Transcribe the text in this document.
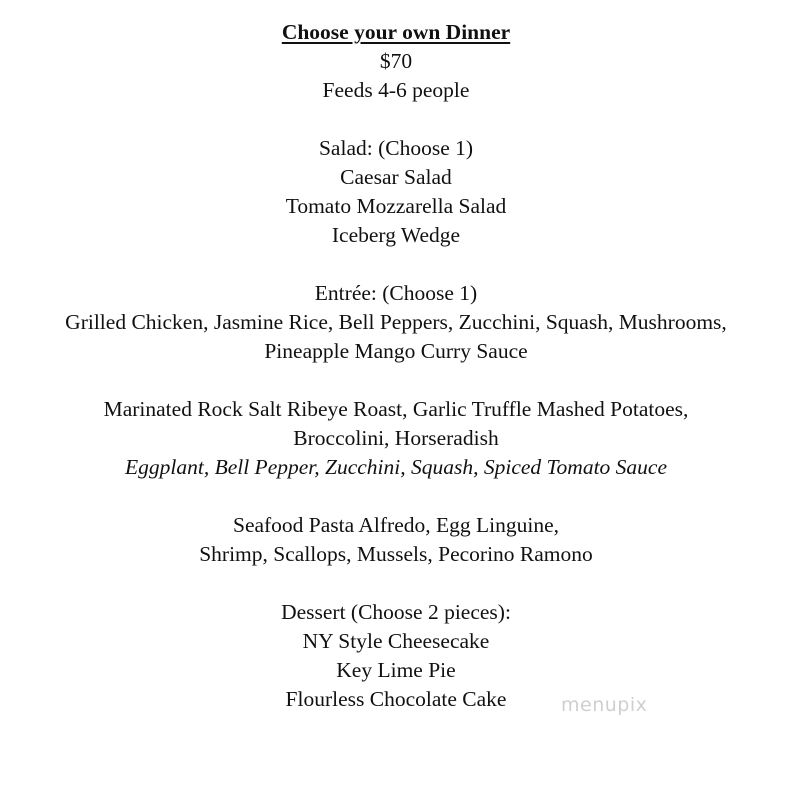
Choose your own Dinner
$70
Feeds 4-6 people
Salad: (Choose 1)
Caesar Salad
Tomato Mozzarella Salad
Iceberg Wedge
Entrée: (Choose 1)
Grilled Chicken, Jasmine Rice, Bell Peppers, Zucchini, Squash, Mushrooms,
Pineapple Mango Curry Sauce
Marinated Rock Salt Ribeye Roast, Garlic Truffle Mashed Potatoes,
Broccolini, Horseradish
Eggplant, Bell Pepper, Zucchini, Squash, Spiced Tomato Sauce
Seafood Pasta Alfredo, Egg Linguine,
Shrimp, Scallops, Mussels, Pecorino Ramono
Dessert (Choose 2 pieces):
NY Style Cheesecake
Key Lime Pie
Flourless Chocolate Cake	menupix
